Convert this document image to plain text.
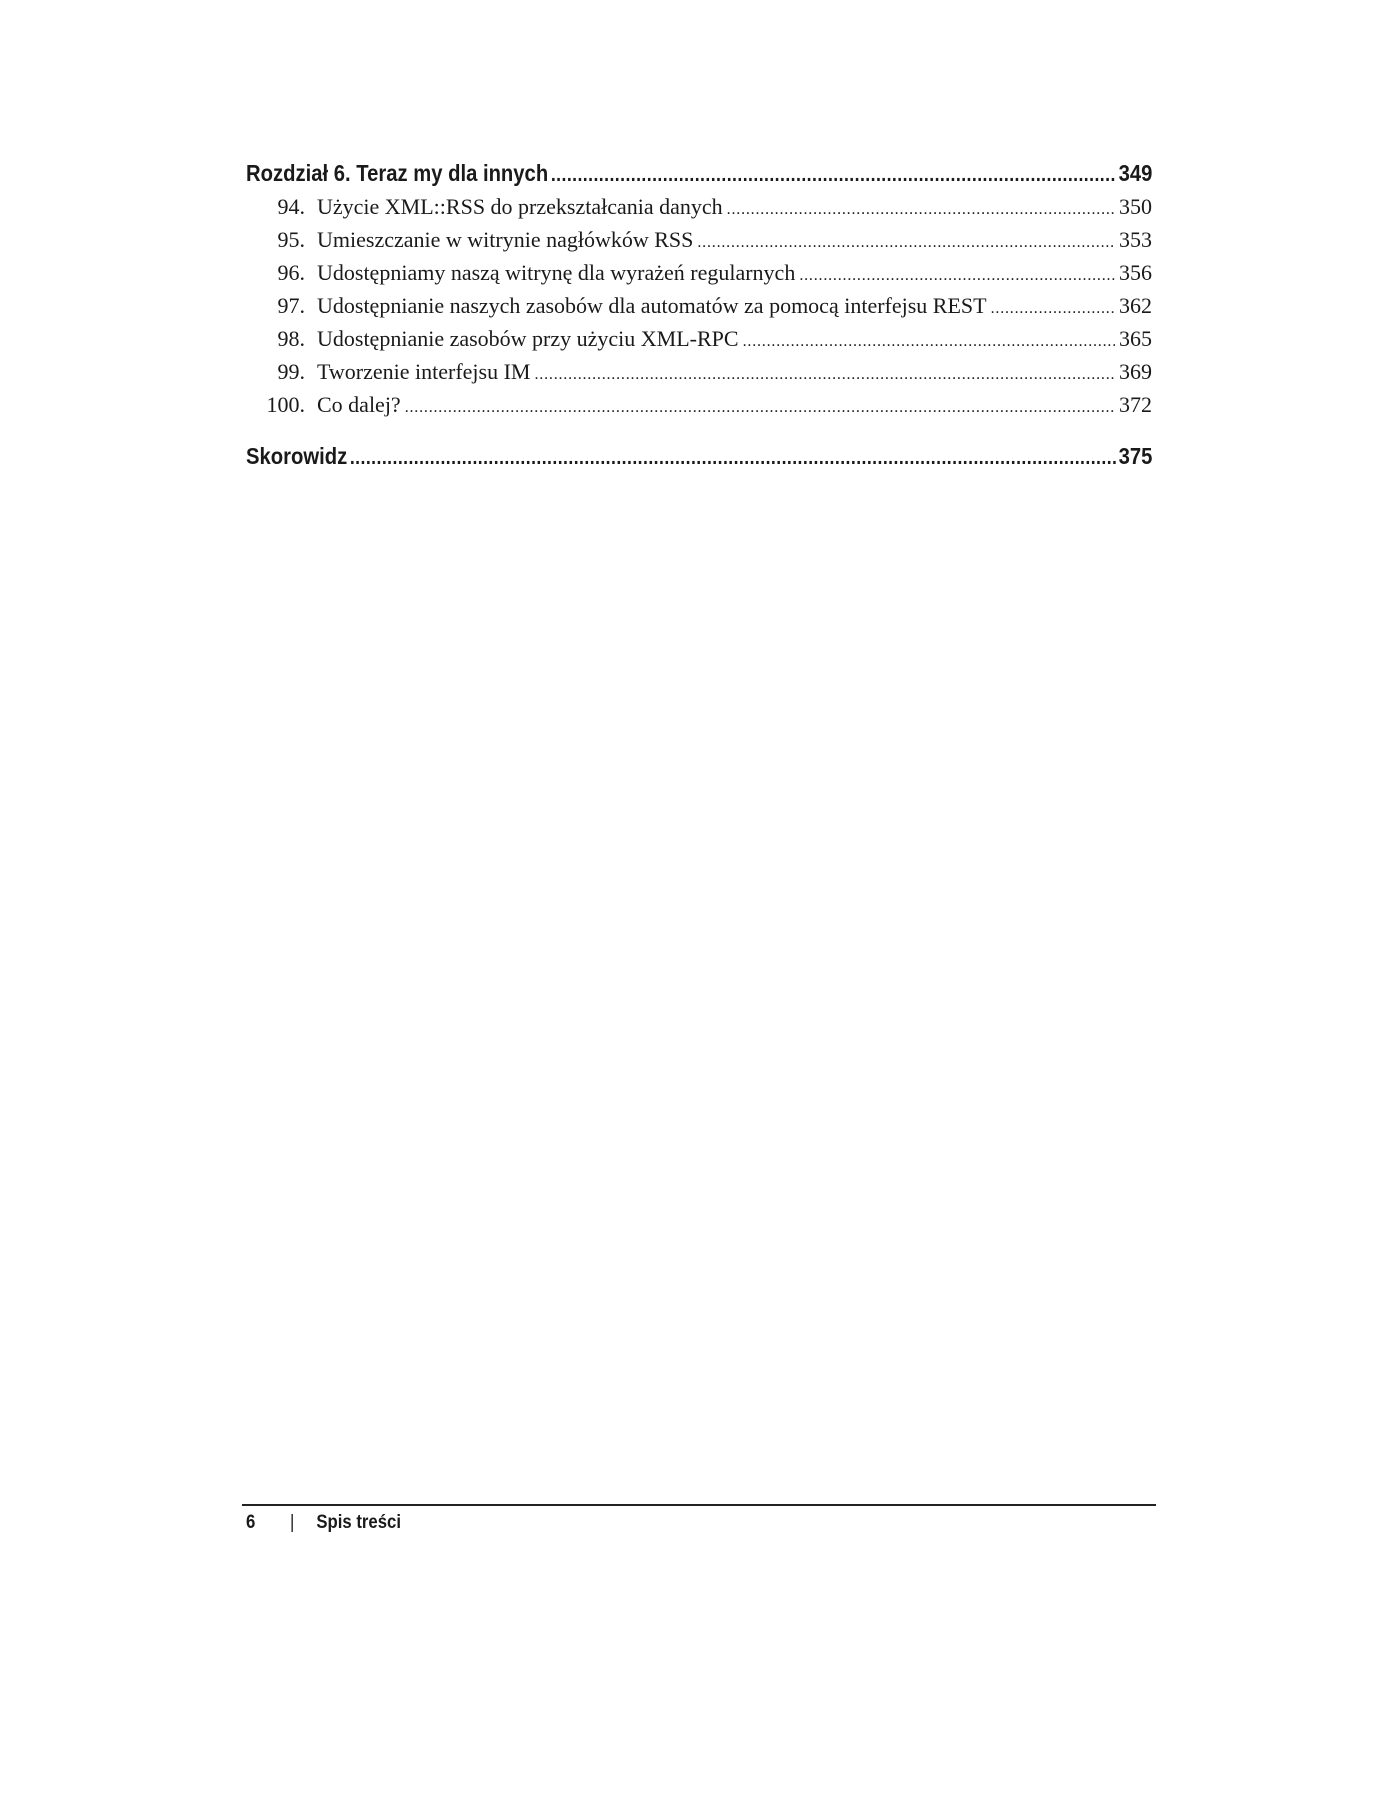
Rozdział 6. Teraz my dla innych .....	349
94. Użycie XML::RSS do przekształcania danych .....	350
95. Umieszczanie w witrynie nagłówków RSS .....	353
96. Udostępniamy naszą witrynę dla wyrażeń regularnych .....	356
97. Udostępnianie naszych zasobów dla automatów za pomocą interfejsu REST .....	362
98. Udostępnianie zasobów przy użyciu XML-RPC .....	365
99. Tworzenie interfejsu IM .....	369
100. Co dalej? .....	372
Skorowidz .....	375
6	|	Spis treści
